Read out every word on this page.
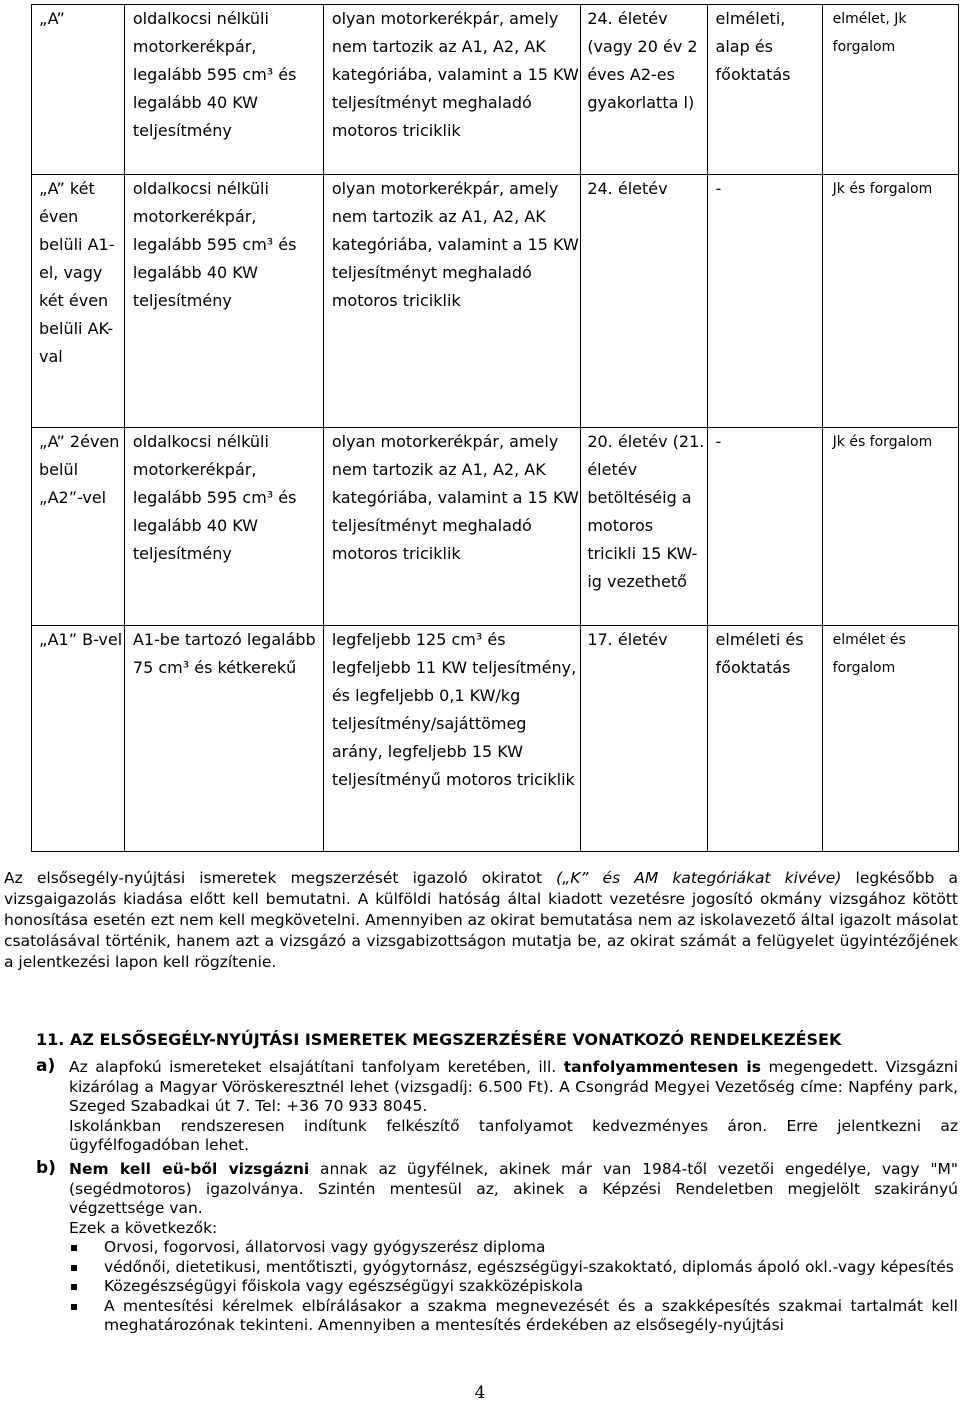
„A”	oldalkocsi nélküli motorkerékpár, legalább 595 cm³ és legalább 40 KW teljesítmény	olyan motorkerékpár, amely nem tartozik az A1, A2, AK kategóriába, valamint a 15 KW teljesítményt meghaladó motoros triciklik	24. életév (vagy 20 év 2 éves A2-es gyakorlatta l)	elméleti, alap és főoktatás	elmélet, Jk forgalom
„A” két éven belüli A1-el, vagy két éven belüli AK-val	oldalkocsi nélküli motorkerékpár, legalább 595 cm³ és legalább 40 KW teljesítmény	olyan motorkerékpár, amely nem tartozik az A1, A2, AK kategóriába, valamint a 15 KW teljesítményt meghaladó motoros triciklik	24. életév	-	Jk és forgalom
„A” 2éven belül „A2”-vel	oldalkocsi nélküli motorkerékpár, legalább 595 cm³ és legalább 40 KW teljesítmény	olyan motorkerékpár, amely nem tartozik az A1, A2, AK kategóriába, valamint a 15 KW teljesítményt meghaladó motoros triciklik	20. életév (21. életév betöltéséig a motoros tricikli 15 KW-ig vezethető	-	Jk és forgalom
„A1” B-vel	A1-be tartozó legalább 75 cm³ és kétkerekű	legfeljebb 125 cm³ és legfeljebb 11 KW teljesítmény, és legfeljebb 0,1 KW/kg teljesítmény/sajáttömeg arány, legfeljebb 15 KW teljesítményű motoros triciklik	17. életév	elméleti és főoktatás	elmélet és forgalom

Az elsősegély-nyújtási ismeretek megszerzését igazoló okiratot („K” és AM kategóriákat kivéve) legkésőbb a vizsgaigazolás kiadása előtt kell bemutatni. A külföldi hatóság által kiadott vezetésre jogosító okmány vizsgához kötött honosítása esetén ezt nem kell megkövetelni. Amennyiben az okirat bemutatása nem az iskolavezető által igazolt másolat csatolásával történik, hanem azt a vizsgázó a vizsgabizottságon mutatja be, az okirat számát a felügyelet ügyintézőjének a jelentkezési lapon kell rögzítenie.

11. AZ ELSŐSEGÉLY-NYÚJTÁSI ISMERETEK MEGSZERZÉSÉRE VONATKOZÓ RENDELKEZÉSEK

a) Az alapfokú ismereteket elsajátítani tanfolyam keretében, ill. tanfolyammentesen is megengedett. Vizsgázni kizárólag a Magyar Vöröskeresztnél lehet (vizsgadíj: 6.500 Ft). A Csongrád Megyei Vezetőség címe: Napfény park, Szeged Szabadkai út 7. Tel: +36 70 933 8045.
Iskolánkban rendszeresen indítunk felkészítő tanfolyamot kedvezményes áron. Erre jelentkezni az ügyfélfogadóban lehet.
b) Nem kell eü-ből vizsgázni annak az ügyfélnek, akinek már van 1984-től vezetői engedélye, vagy "M" (segédmotoros) igazolványa. Szintén mentesül az, akinek a Képzési Rendeletben megjelölt szakirányú végzettsége van.
Ezek a következők:
Orvosi, fogorvosi, állatorvosi vagy gyógyszerész diploma
védőnői, dietetikusi, mentőtiszti, gyógytornász, egészségügyi-szakoktató, diplomás ápoló okl.-vagy képesítés
Közegészségügyi főiskola vagy egészségügyi szakközépiskola
A mentesítési kérelmek elbírálásakor a szakma megnevezését és a szakképesítés szakmai tartalmát kell meghatározónak tekinteni. Amennyiben a mentesítés érdekében az elsősegély-nyújtási
4
